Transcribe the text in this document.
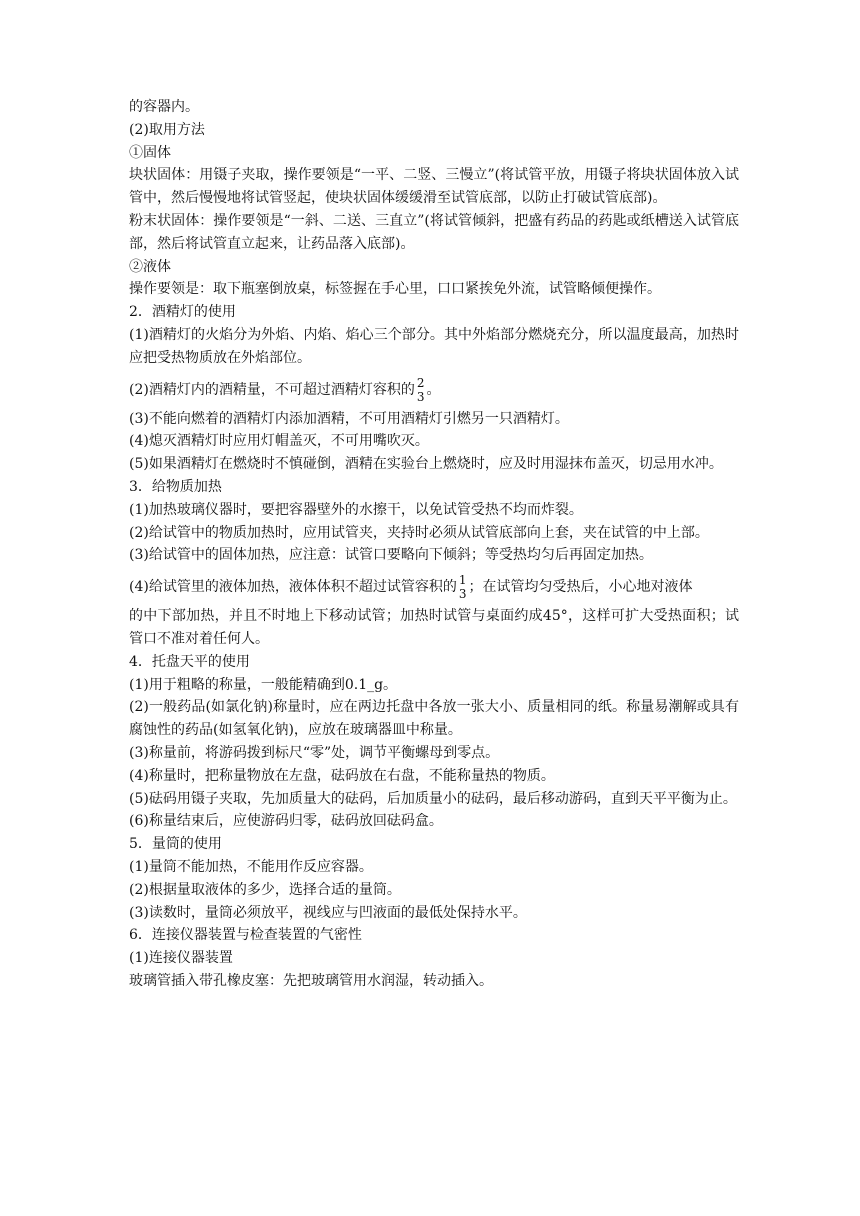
的容器内。
(2)取用方法
①固体
块状固体：用镊子夹取，操作要领是“一平、二竖、三慢立”(将试管平放，用镊子将块状固体放入试管中，然后慢慢地将试管竖起，使块状固体缓缓滑至试管底部，以防止打破试管底部)。
粉末状固体：操作要领是“一斜、二送、三直立”(将试管倾斜，把盛有药品的药匙或纸槽送入试管底部，然后将试管直立起来，让药品落入底部)。
②液体
操作要领是：取下瓶塞倒放桌，标签握在手心里，口口紧挨免外流，试管略倾便操作。
2．酒精灯的使用
(1)酒精灯的火焰分为外焰、内焰、焰心三个部分。其中外焰部分燃烧充分，所以温度最高，加热时应把受热物质放在外焰部位。
(2)酒精灯内的酒精量，不可超过酒精灯容积的 2
3 。
(3)不能向燃着的酒精灯内添加酒精，不可用酒精灯引燃另一只酒精灯。
(4)熄灭酒精灯时应用灯帽盖灭，不可用嘴吹灭。
(5)如果酒精灯在燃烧时不慎碰倒，酒精在实验台上燃烧时，应及时用湿抹布盖灭，切忌用水冲。
3．给物质加热
(1)加热玻璃仪器时，要把容器壁外的水擦干，以免试管受热不均而炸裂。
(2)给试管中的物质加热时，应用试管夹，夹持时必须从试管底部向上套，夹在试管的中上部。
(3)给试管中的固体加热，应注意：试管口要略向下倾斜；等受热均匀后再固定加热。
(4)给试管里的液体加热，液体体积不超过试管容积的 1
3 ；在试管均匀受热后，小心地对液体
的中下部加热，并且不时地上下移动试管；加热时试管与桌面约成45°，这样可扩大受热面积；试管口不准对着任何人。
4．托盘天平的使用
(1)用于粗略的称量，一般能精确到0.1_g。
(2)一般药品(如氯化钠)称量时，应在两边托盘中各放一张大小、质量相同的纸。称量易潮解或具有腐蚀性的药品(如氢氧化钠)，应放在玻璃器皿中称量。
(3)称量前，将游码拨到标尺“零”处，调节平衡螺母到零点。
(4)称量时，把称量物放在左盘，砝码放在右盘，不能称量热的物质。
(5)砝码用镊子夹取，先加质量大的砝码，后加质量小的砝码，最后移动游码，直到天平平衡为止。
(6)称量结束后，应使游码归零，砝码放回砝码盒。
5．量筒的使用
(1)量筒不能加热，不能用作反应容器。
(2)根据量取液体的多少，选择合适的量筒。
(3)读数时，量筒必须放平，视线应与凹液面的最低处保持水平。
6．连接仪器装置与检查装置的气密性
(1)连接仪器装置
玻璃管插入带孔橡皮塞：先把玻璃管用水润湿，转动插入。
